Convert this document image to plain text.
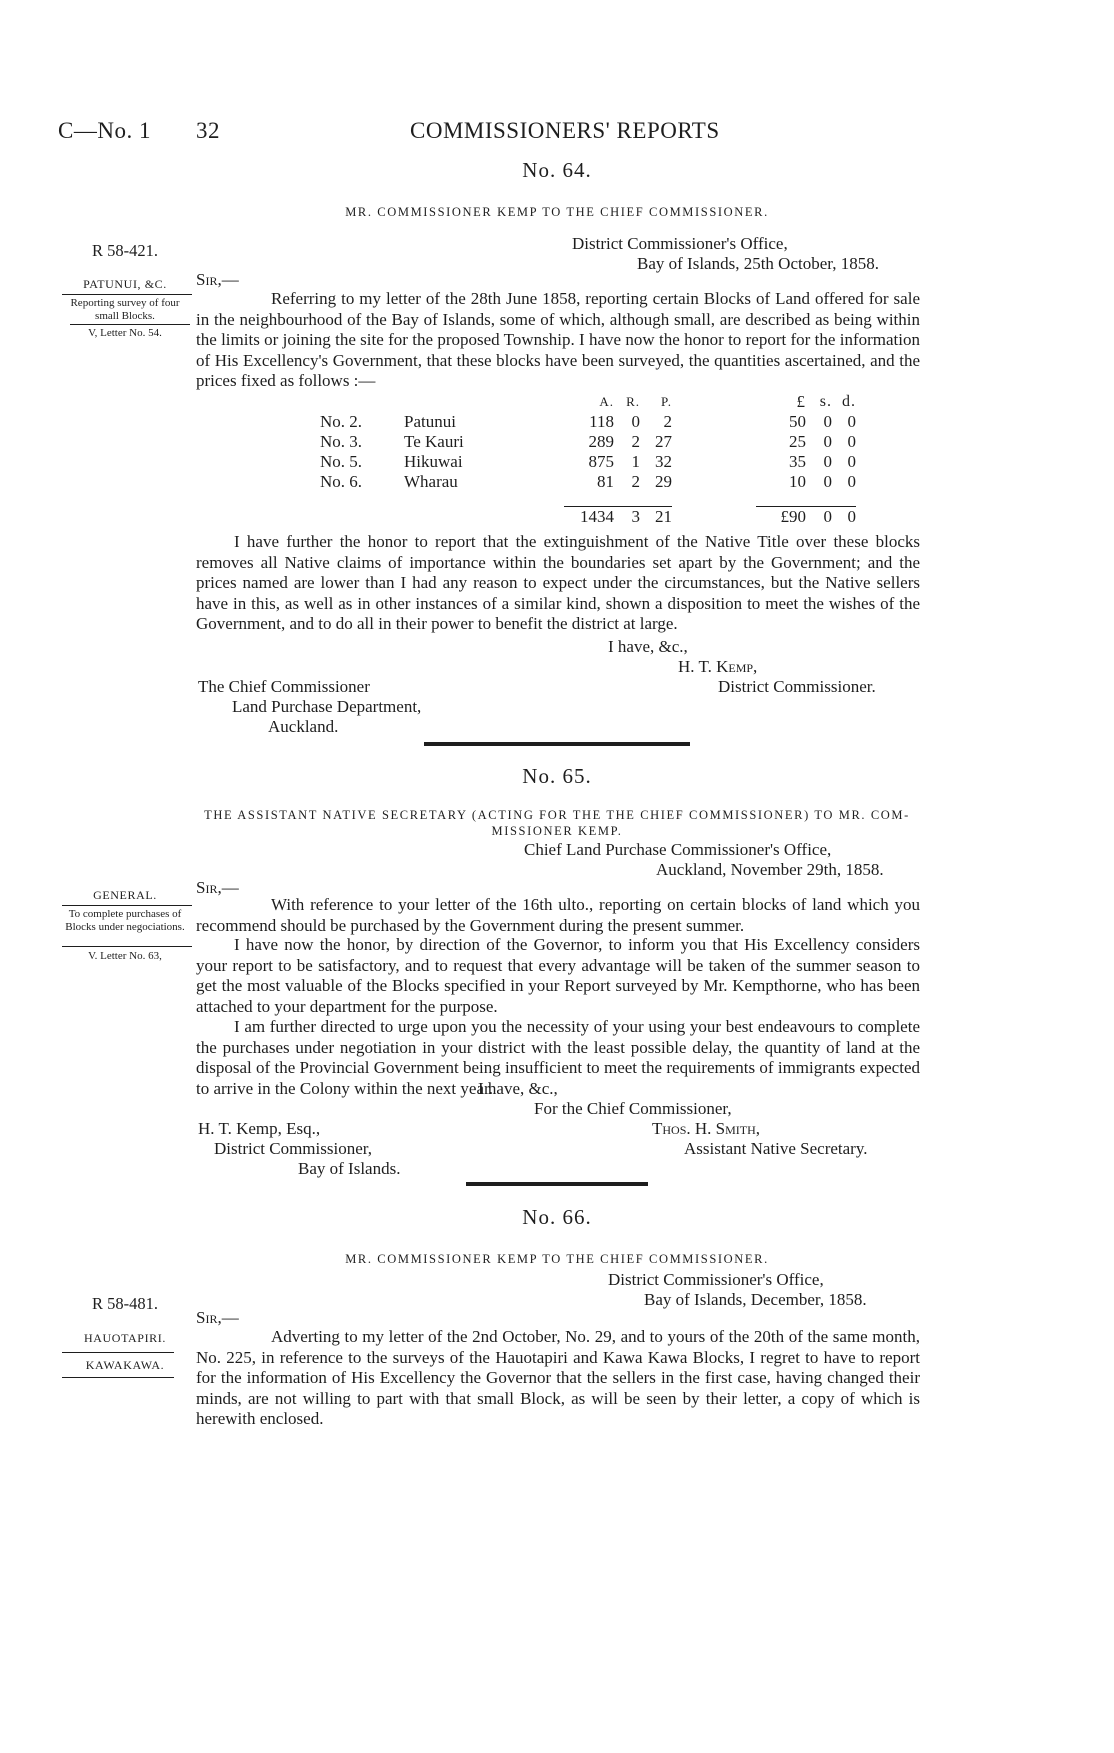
C—No. 1 32	COMMISSIONERS' REPORTS
No. 64.
MR. COMMISSIONER KEMP TO THE CHIEF COMMISSIONER.
R 58-421.
PATUNUI, &C.
Reporting survey of four small Blocks.
V, Letter No. 54.
District Commissioner's Office,
Bay of Islands, 25th October, 1858.
Sir,—
Referring to my letter of the 28th June 1858, reporting certain Blocks of Land offered for sale in the neighbourhood of the Bay of Islands, some of which, although small, are described as being within the limits or joining the site for the proposed Township. I have now the honor to report for the information of His Excellency's Government, that these blocks have been surveyed, the quantities ascertained, and the prices fixed as follows :—
		A.	R.	P.		£	s.	d.
No. 2.	Patunui	118	0	2		50	0	0
No. 3.	Te Kauri	289	2	27		25	0	0
No. 5.	Hikuwai	875	1	32		35	0	0
No. 6.	Wharau	81	2	29		10	0	0

		1434	3	21		£90	0	0
I have further the honor to report that the extinguishment of the Native Title over these blocks removes all Native claims of importance within the boundaries set apart by the Government; and the prices named are lower than I had any reason to expect under the circumstances, but the Native sellers have in this, as well as in other instances of a similar kind, shown a disposition to meet the wishes of the Government, and to do all in their power to benefit the district at large.
I have, &c.,
H. T. Kemp,
District Commissioner.
The Chief Commissioner
Land Purchase Department,
Auckland.
No. 65.
THE ASSISTANT NATIVE SECRETARY (ACTING FOR THE THE CHIEF COMMISSIONER) TO MR. COM-
MISSIONER KEMP.
GENERAL.
To complete purchases of Blocks under negociations.
V. Letter No. 63,
Chief Land Purchase Commissioner's Office,
Auckland, November 29th, 1858.
Sir,—
With reference to your letter of the 16th ulto., reporting on certain blocks of land which you recommend should be purchased by the Government during the present summer.
I have now the honor, by direction of the Governor, to inform you that His Excellency considers your report to be satisfactory, and to request that every advantage will be taken of the summer season to get the most valuable of the Blocks specified in your Report surveyed by Mr. Kempthorne, who has been attached to your department for the purpose.
I am further directed to urge upon you the necessity of your using your best endeavours to complete the purchases under negotiation in your district with the least possible delay, the quantity of land at the disposal of the Provincial Government being insufficient to meet the requirements of immigrants expected to arrive in the Colony within the next year.
I have, &c.,
For the Chief Commissioner,
Thos. H. Smith,
Assistant Native Secretary.
H. T. Kemp, Esq.,
District Commissioner,
Bay of Islands.
No. 66.
MR. COMMISSIONER KEMP TO THE CHIEF COMMISSIONER.
R 58-481.
HAUOTAPIRI.
KAWAKAWA.
District Commissioner's Office,
Bay of Islands, December, 1858.
Sir,—
Adverting to my letter of the 2nd October, No. 29, and to yours of the 20th of the same month, No. 225, in reference to the surveys of the Hauotapiri and Kawa Kawa Blocks, I regret to have to report for the information of His Excellency the Governor that the sellers in the first case, having changed their minds, are not willing to part with that small Block, as will be seen by their letter, a copy of which is herewith enclosed.
